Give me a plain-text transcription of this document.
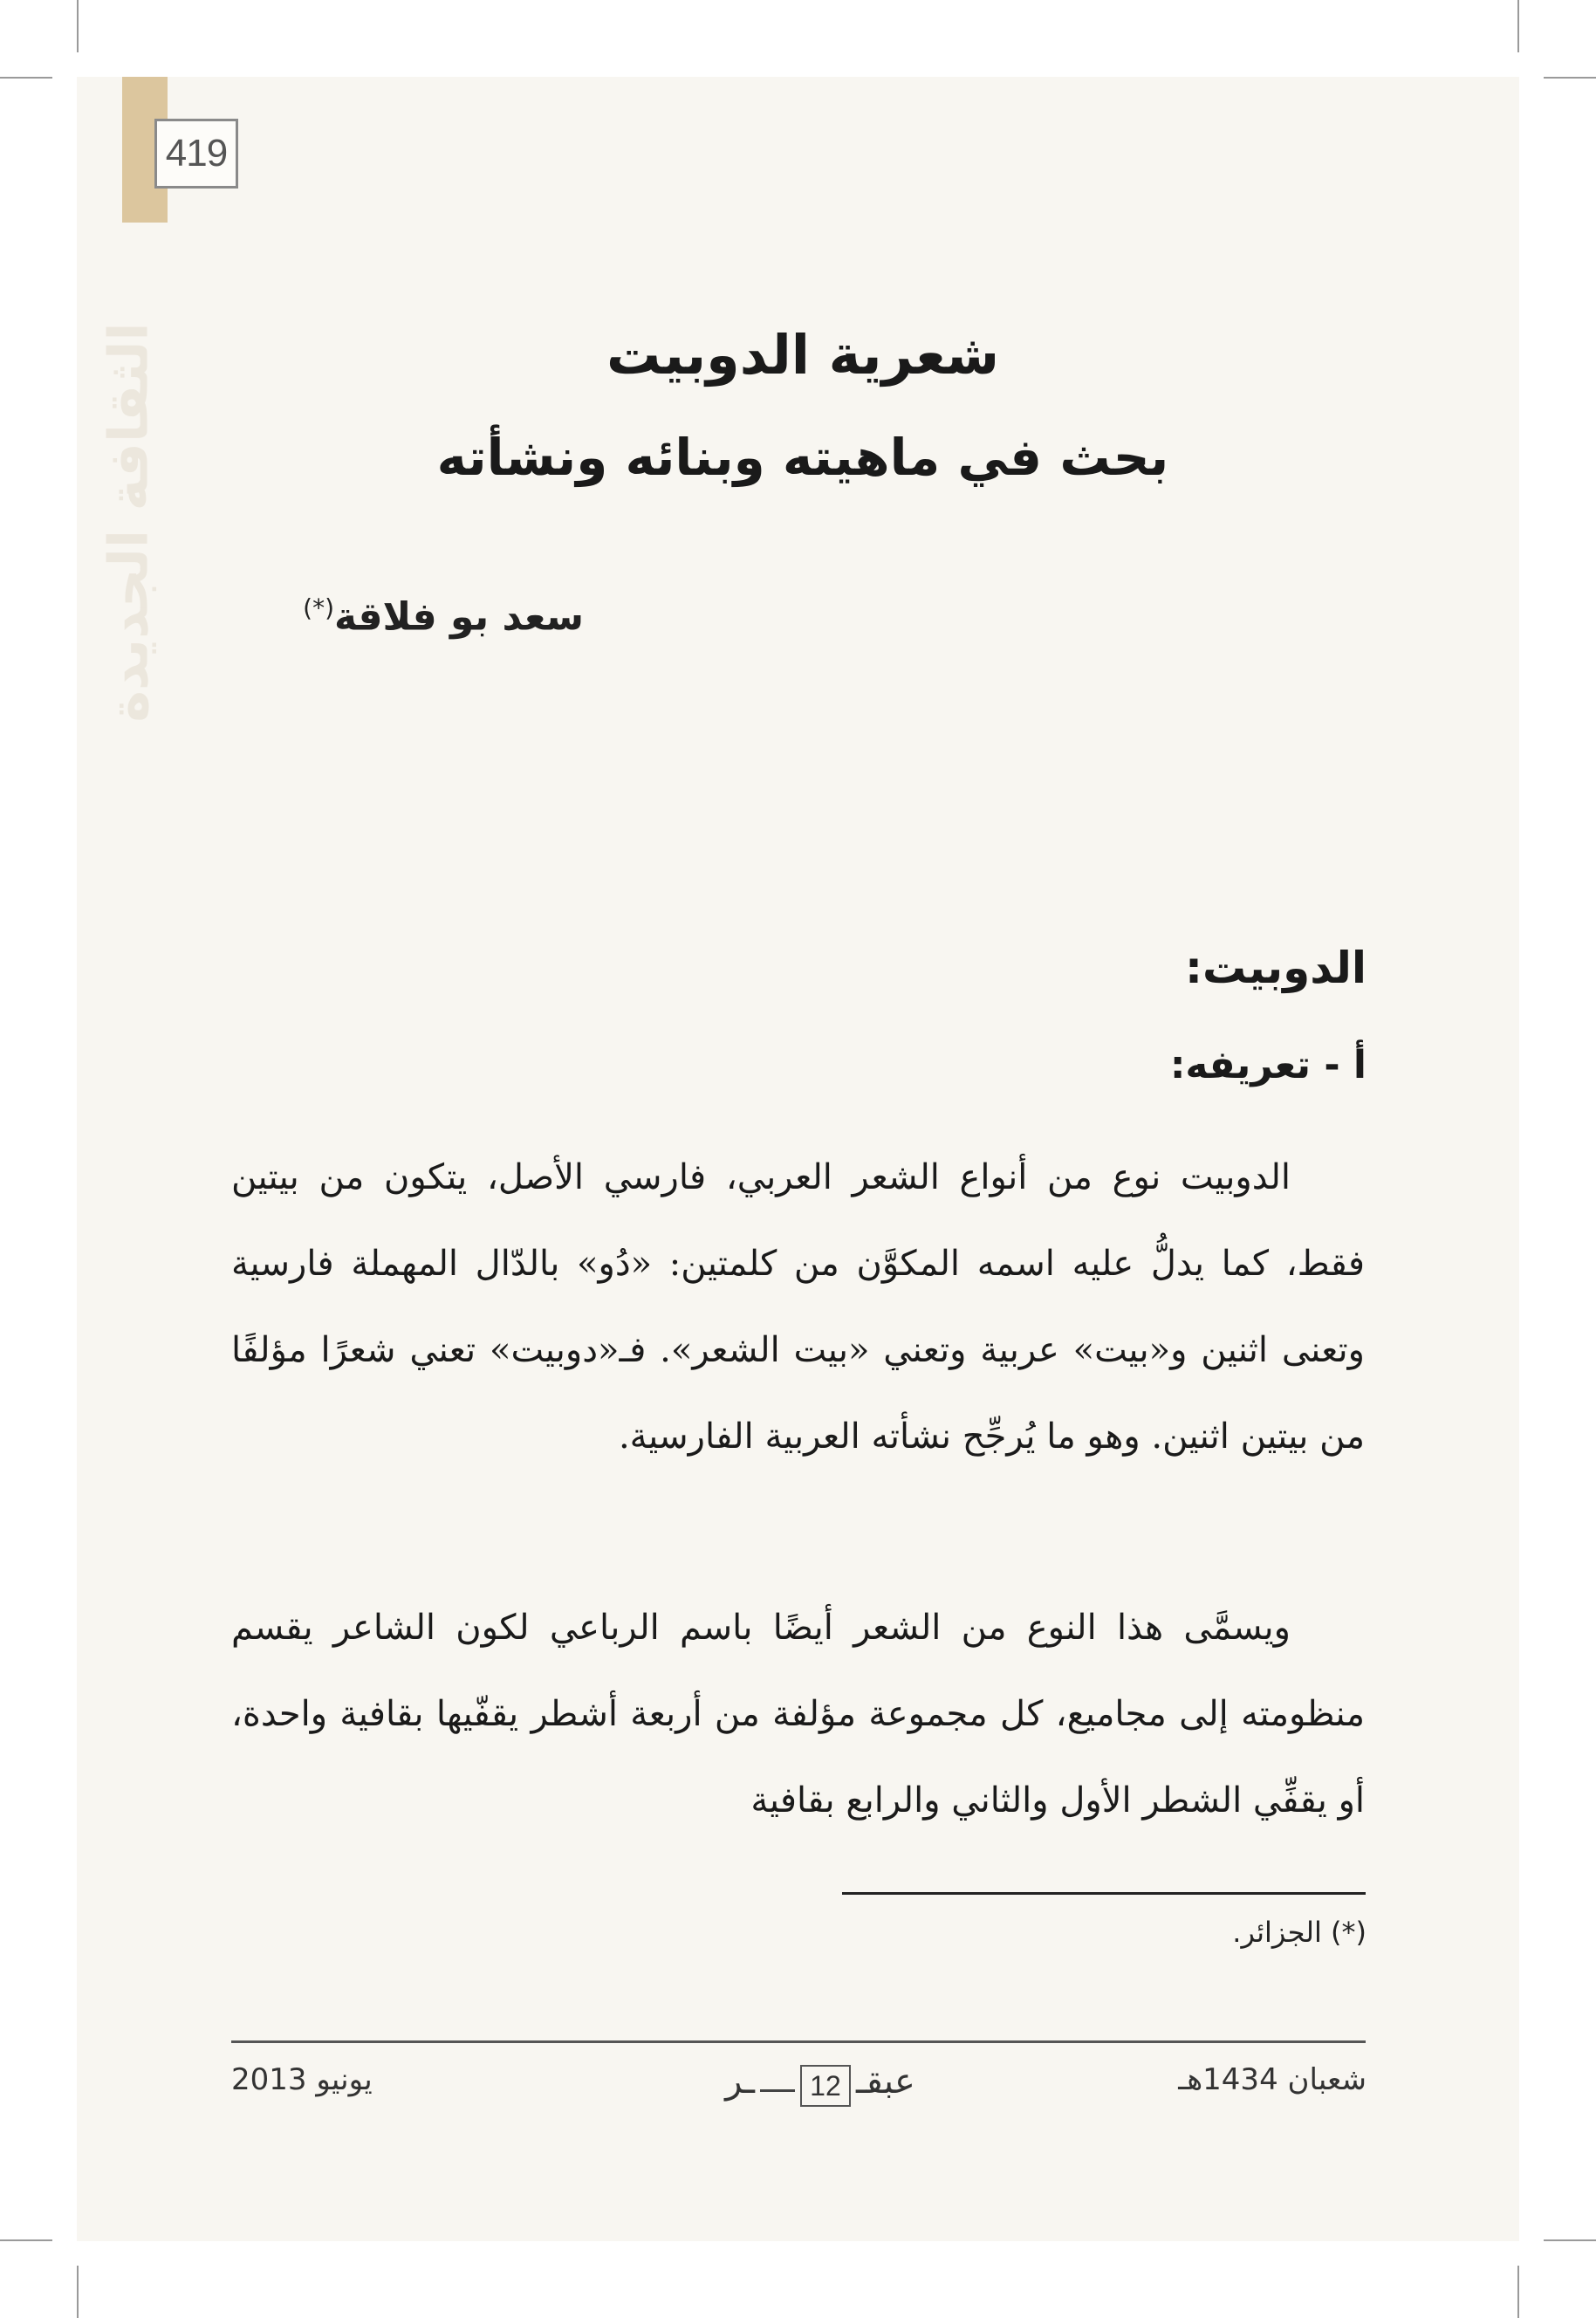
الثقافة الجديدة
419
شعرية الدوبيت
بحث في ماهيته وبنائه ونشأته
سعد بو فلاقة(*)
الدوبيت:
أ - تعريفه:

الدوبيت نوع من أنواع الشعر العربي، فارسي الأصل، يتكون من بيتين فقط، كما يدلُّ عليه اسمه المكوَّن من كلمتين: «دُو» بالدّال المهملة فارسية وتعنى اثنين و«بيت» عربية وتعني «بيت الشعر». فـ«دوبيت» تعني شعرًا مؤلفًا من بيتين اثنين. وهو ما يُرجِّح نشأته العربية الفارسية.

ويسمَّى هذا النوع من الشعر أيضًا باسم الرباعي لكون الشاعر يقسم منظومته إلى مجاميع، كل مجموعة مؤلفة من أربعة أشطر يقفّيها بقافية واحدة، أو يقفِّي الشطر الأول والثاني والرابع بقافية

(*) الجزائر.
شعبان 1434هـ
يونيو 2013	ـر	12 عبقـ
